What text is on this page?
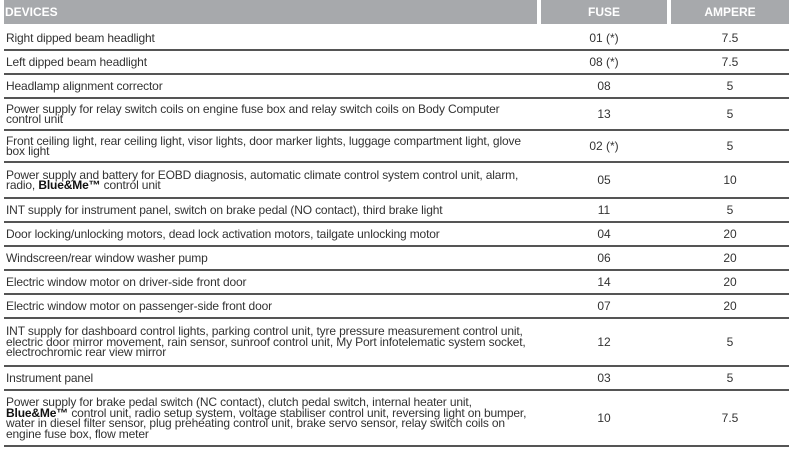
DEVICES		FUSE		AMPERE
Right dipped beam headlight		01 (*)		7.5
Left dipped beam headlight		08 (*)		7.5
Headlamp alignment corrector		08		5
Power supply for relay switch coils on engine fuse box and relay switch coils on Body Computer control unit		13		5
Front ceiling light, rear ceiling light, visor lights, door marker lights, luggage compartment light, glove box light		02 (*)		5
Power supply and battery for EOBD diagnosis, automatic climate control system control unit, alarm, radio, Blue&Me™ control unit		05		10
INT supply for instrument panel, switch on brake pedal (NO contact), third brake light		11		5
Door locking/unlocking motors, dead lock activation motors, tailgate unlocking motor		04		20
Windscreen/rear window washer pump		06		20
Electric window motor on driver-side front door		14		20
Electric window motor on passenger-side front door		07		20
INT supply for dashboard control lights, parking control unit, tyre pressure measurement control unit, electric door mirror movement, rain sensor, sunroof control unit, My Port infotelematic system socket, electrochromic rear view mirror		12		5
Instrument panel		03		5
Power supply for brake pedal switch (NC contact), clutch pedal switch, internal heater unit, Blue&Me™ control unit, radio setup system, voltage stabiliser control unit, reversing light on bumper, water in diesel filter sensor, plug preheating control unit, brake servo sensor, relay switch coils on engine fuse box, flow meter		10		7.5
